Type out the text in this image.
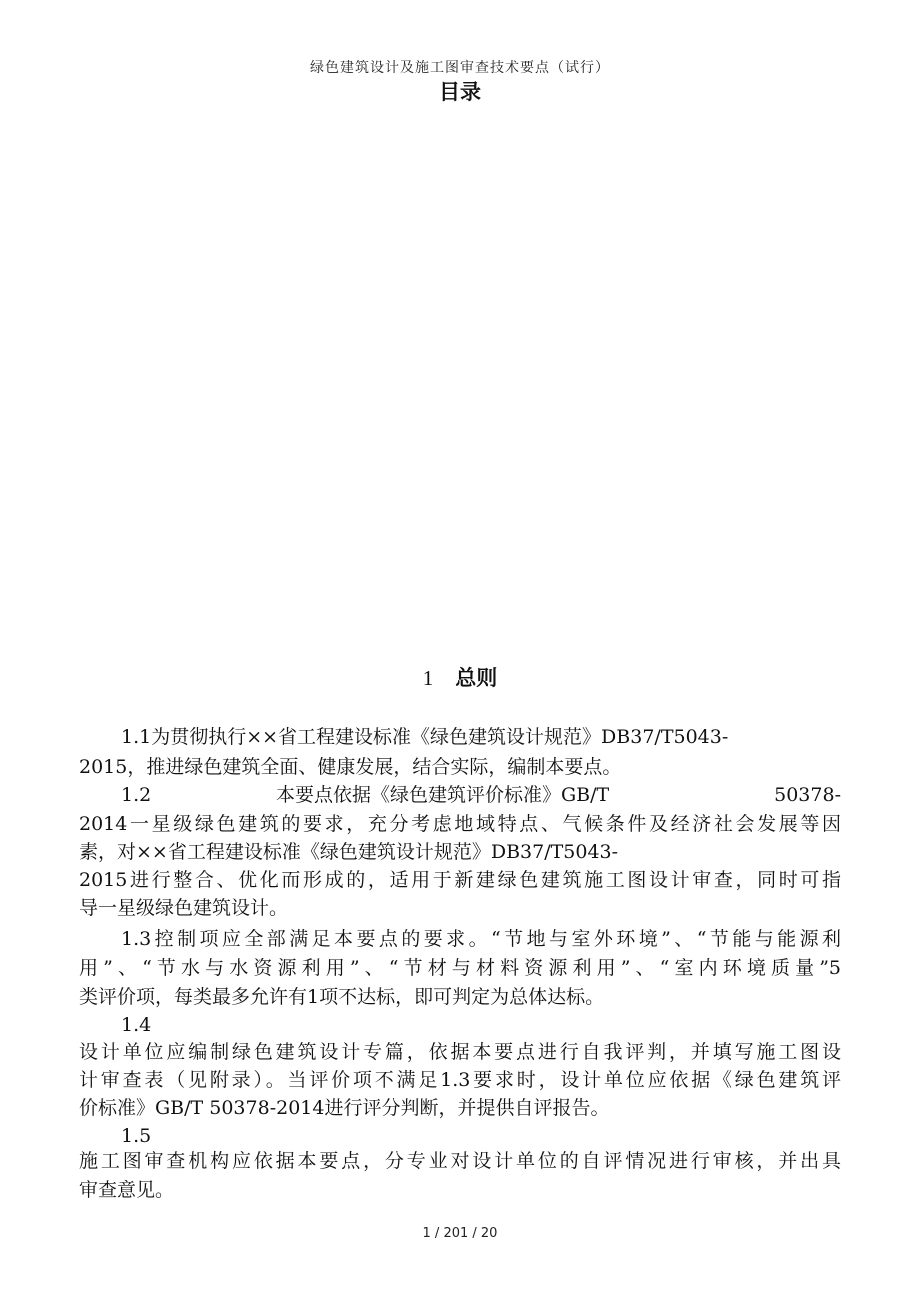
绿色建筑设计及施工图审查技术要点（试行）
目录
1 总则
1.1为贯彻执行××省工程建设标准《绿色建筑设计规范》DB37/T5043-
2015，推进绿色建筑全面、健康发展，结合实际，编制本要点。
1.2	本要点依据《绿色建筑评价标准》GB/T	50378-
2014一星级绿色建筑的要求，充分考虑地域特点、气候条件及经济社会发展等因
素，对××省工程建设标准《绿色建筑设计规范》DB37/T5043-
2015进行整合、优化而形成的，适用于新建绿色建筑施工图设计审查，同时可指
导一星级绿色建筑设计。
1.3控制项应全部满足本要点的要求。“节地与室外环境”、“节能与能源利
用”、“节水与水资源利用”、“节材与材料资源利用”、“室内环境质量”5
类评价项，每类最多允许有1项不达标，即可判定为总体达标。
1.4
设计单位应编制绿色建筑设计专篇，依据本要点进行自我评判，并填写施工图设
计审查表（见附录）。当评价项不满足1.3要求时，设计单位应依据《绿色建筑评
价标准》GB/T 50378-2014进行评分判断，并提供自评报告。
1.5
施工图审查机构应依据本要点，分专业对设计单位的自评情况进行审核，并出具
审查意见。
1 / 201 / 20
